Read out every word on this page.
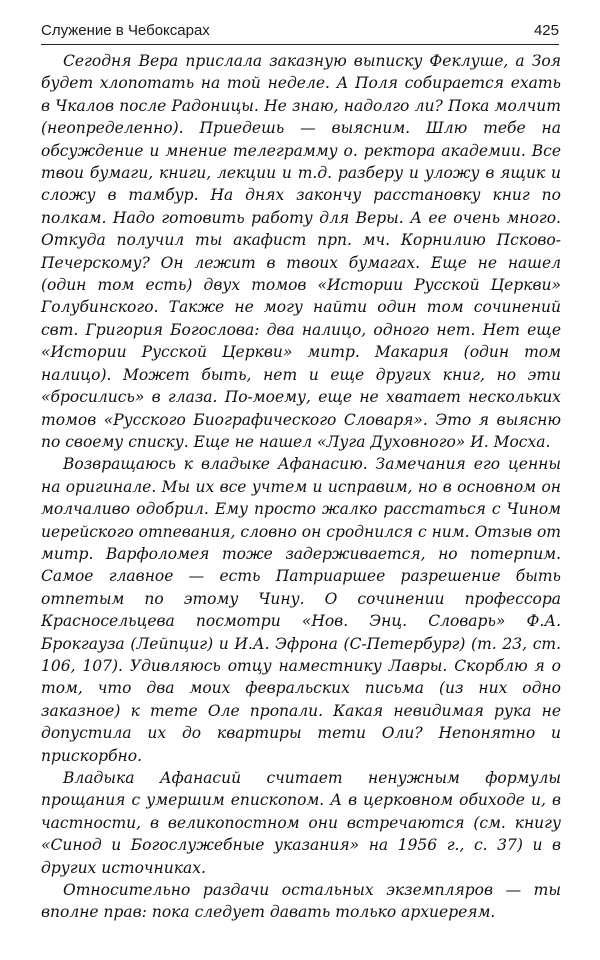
Служение в Чебоксарах	425

Сегодня Вера прислала заказную выписку Феклуше, а Зоя будет хлопотать на той неделе. А Поля собирается ехать в Чкалов после Радоницы. Не знаю, надолго ли? Пока молчит (неопределенно). Приедешь — выясним. Шлю тебе на обсуждение и мнение телеграмму о. ректора академии. Все твои бумаги, книги, лекции и т.д. разберу и уложу в ящик и сложу в тамбур. На днях закончу расстановку книг по полкам. Надо готовить работу для Веры. А ее очень много. Откуда получил ты акафист прп. мч. Корнилию Псково-Печерскому? Он лежит в твоих бумагах. Еще не нашел (один том есть) двух томов «Истории Русской Церкви» Голубинского. Также не могу найти один том сочинений свт. Григория Богослова: два налицо, одного нет. Нет еще «Истории Русской Церкви» митр. Макария (один том налицо). Может быть, нет и еще других книг, но эти «бросились» в глаза. По-моему, еще не хватает нескольких томов «Русского Биографического Словаря». Это я выясню по своему списку. Еще не нашел «Луга Духовного» И. Мосха.

Возвращаюсь к владыке Афанасию. Замечания его ценны на оригинале. Мы их все учтем и исправим, но в основном он молчаливо одобрил. Ему просто жалко расстаться с Чином иерейского отпевания, словно он сроднился с ним. Отзыв от митр. Варфоломея тоже задерживается, но потерпим. Самое главное — есть Патриаршее разрешение быть отпетым по этому Чину. О сочинении профессора Красносельцева посмотри «Нов. Энц. Словарь» Ф.А. Брокгауза (Лейпциг) и И.А. Эфрона (С-Петербург) (т. 23, ст. 106, 107). Удивляюсь отцу наместнику Лавры. Скорблю я о том, что два моих февральских письма (из них одно заказное) к тете Оле пропали. Какая невидимая рука не допустила их до квартиры тети Оли? Непонятно и прискорбно.

Владыка Афанасий считает ненужным формулы прощания с умершим епископом. А в церковном обиходе и, в частности, в великопостном они встречаются (см. книгу «Синод и Богослужебные указания» на 1956 г., с. 37) и в других источниках.

Относительно раздачи остальных экземпляров — ты вполне прав: пока следует давать только архиереям.
